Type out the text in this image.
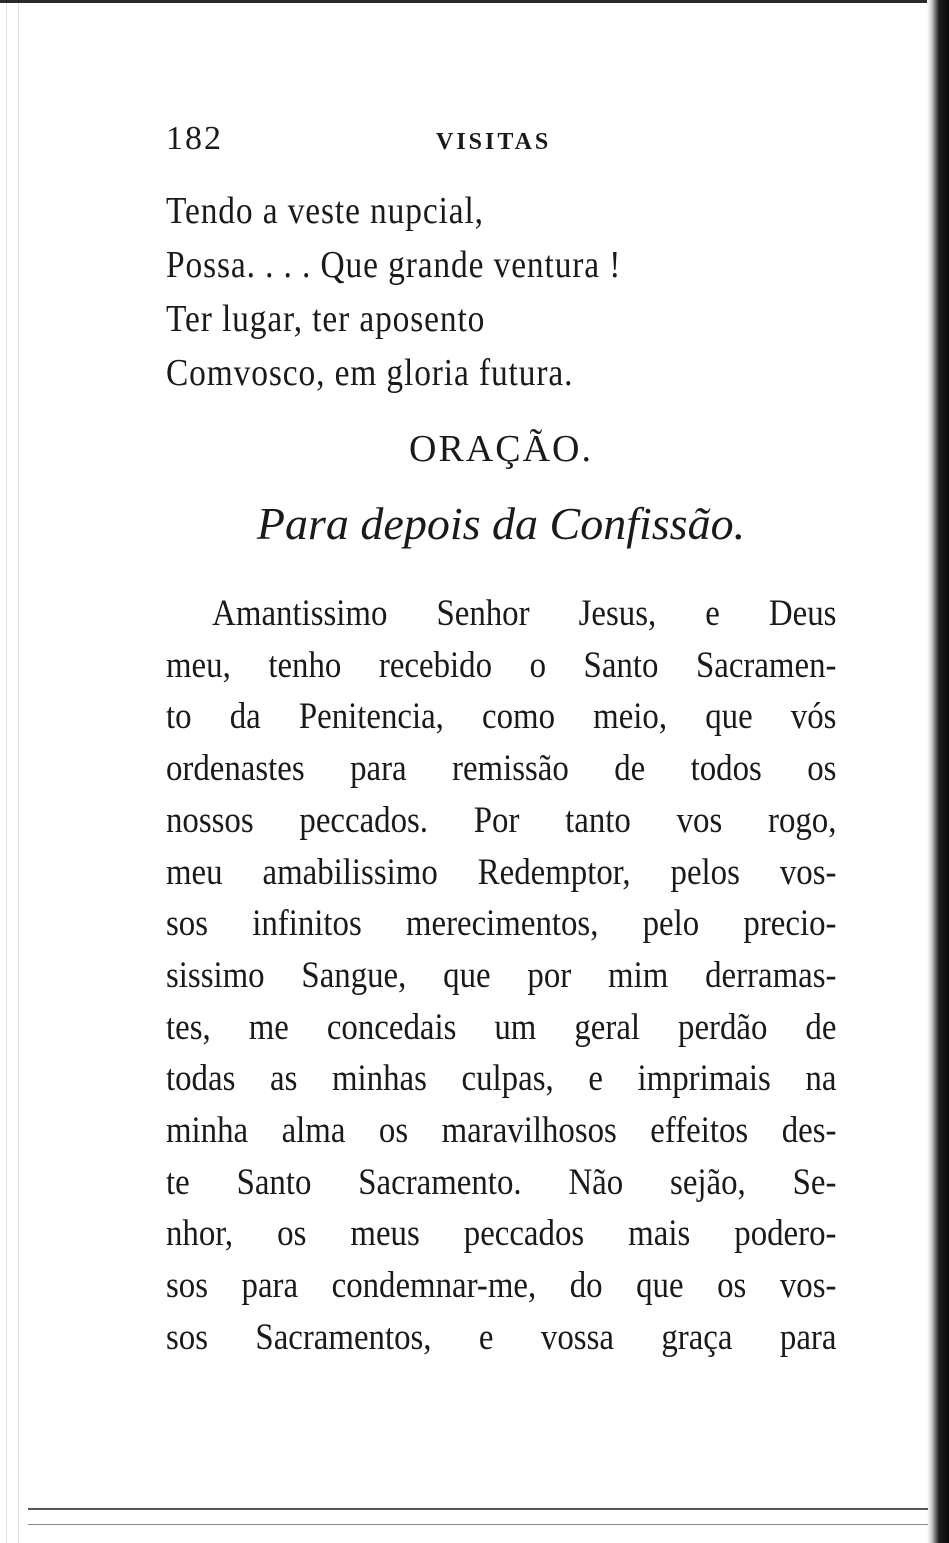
182	VISITAS
Tendo a veste nupcial,
Possa. . . . Que grande ventura !
Ter lugar, ter aposento
Comvosco, em gloria futura.
ORAÇÃO.
Para depois da Confissão.
Amantissimo Senhor Jesus, e Deus
meu, tenho recebido o Santo Sacramen-
to da Penitencia, como meio, que vós
ordenastes para remissão de todos os
nossos peccados. Por tanto vos rogo,
meu amabilissimo Redemptor, pelos vos-
sos infinitos merecimentos, pelo precio-
sissimo Sangue, que por mim derramas-
tes, me concedais um geral perdão de
todas as minhas culpas, e imprimais na
minha alma os maravilhosos effeitos des-
te Santo Sacramento. Não sejão, Se-
nhor, os meus peccados mais podero-
sos para condemnar-me, do que os vos-
sos Sacramentos, e vossa graça para
